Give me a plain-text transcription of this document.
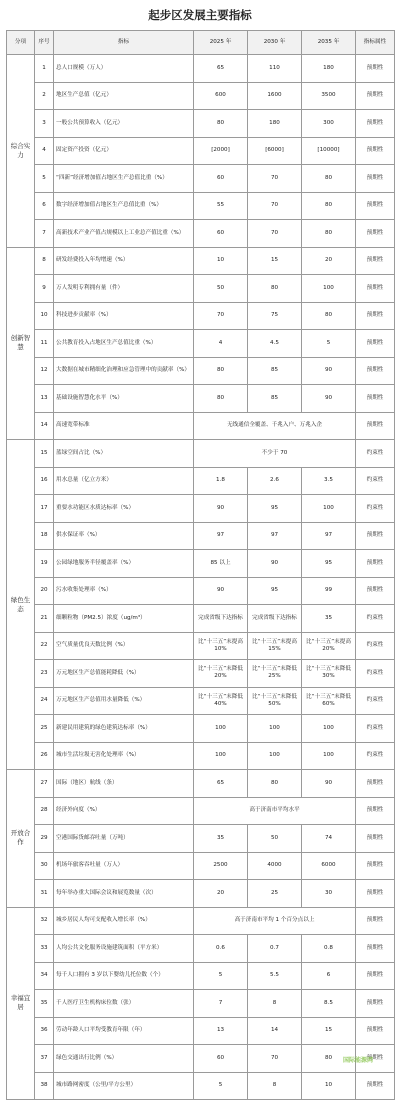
起步区发展主要指标
分项	序号	指标	2025 年	2030 年	2035 年	指标属性
综合实力	1	总人口规模（万人）	65	110	180	预期性
	2	地区生产总值（亿元）	600	1600	3500	预期性
	3	一般公共预算收入（亿元）	80	180	300	预期性
	4	固定资产投资（亿元）	[2000]	[6000]	[10000]	预期性
	5	“四新”经济增加值占地区生产总值比重（%）	60	70	80	预期性
	6	数字经济增加值占地区生产总值比重（%）	55	70	80	预期性
	7	高新技术产业产值占规模以上工业总产值比重（%）	60	70	80	预期性
创新智慧	8	研发经费投入年均增速（%）	10	15	20	预期性
	9	万人发明专利拥有量（件）	50	80	100	预期性
	10	科技进步贡献率（%）	70	75	80	预期性
	11	公共教育投入占地区生产总值比重（%）	4	4.5	5	预期性
	12	大数据在城市精细化治理和应急管理中的贡献率（%）	80	85	90	预期性
	13	基础设施智慧化水平（%）	80	85	90	预期性
	14	高速宽带标准	无线通信全覆盖、千兆入户、万兆入企			预期性
绿色生态	15	蓝绿空间占比（%）	不少于 70			约束性
	16	用水总量（亿立方米）	1.8	2.6	3.5	约束性
	17	重要水功能区水质达标率（%）	90	95	100	约束性
	18	供水保证率（%）	97	97	97	预期性
	19	公园绿地服务半径覆盖率（%）	85 以上	90	95	预期性
	20	污水收集处理率（%）	90	95	99	预期性
	21	细颗粒物（PM2.5）浓度（ug/m³）	完成省级下达指标	完成省级下达指标	35	约束性
	22	空气质量优良天数比例（%）	比“十三五”末提高 10%	比“十三五”末提高 15%	比“十三五”末提高 20%	约束性
	23	万元地区生产总值能耗降低（%）	比“十三五”末降低 20%	比“十三五”末降低 25%	比“十三五”末降低 30%	约束性
	24	万元地区生产总值用水量降低（%）	比“十三五”末降低 40%	比“十三五”末降低 50%	比“十三五”末降低 60%	约束性
	25	新建民用建筑的绿色建筑达标率（%）	100	100	100	约束性
	26	城市生活垃圾无害化处理率（%）	100	100	100	约束性
开放合作	27	国际（地区）航线（条）	65	80	90	预期性
	28	经济外向度（%）	高于济南市平均水平			预期性
	29	空港国际货邮吞吐量（万吨）	35	50	74	预期性
	30	机场年旅客吞吐量（万人）	2500	4000	6000	预期性
	31	每年举办重大国际会议和展览数量（次）	20	25	30	预期性
幸福宜居	32	城乡居民人均可支配收入增长率（%）	高于济南市平均 1 个百分点以上			预期性
	33	人均公共文化服务设施建筑面积（平方米）	0.6	0.7	0.8	预期性
	34	每千人口拥有 3 岁以下婴幼儿托位数（个）	5	5.5	6	预期性
	35	千人医疗卫生机构床位数（张）	7	8	8.5	预期性
	36	劳动年龄人口平均受教育年限（年）	13	14	15	预期性
	37	绿色交通出行比例（%）	60	70	80	预期性
	38	城市路网密度（公里/平方公里）	5	8	10	预期性
国际能源网
